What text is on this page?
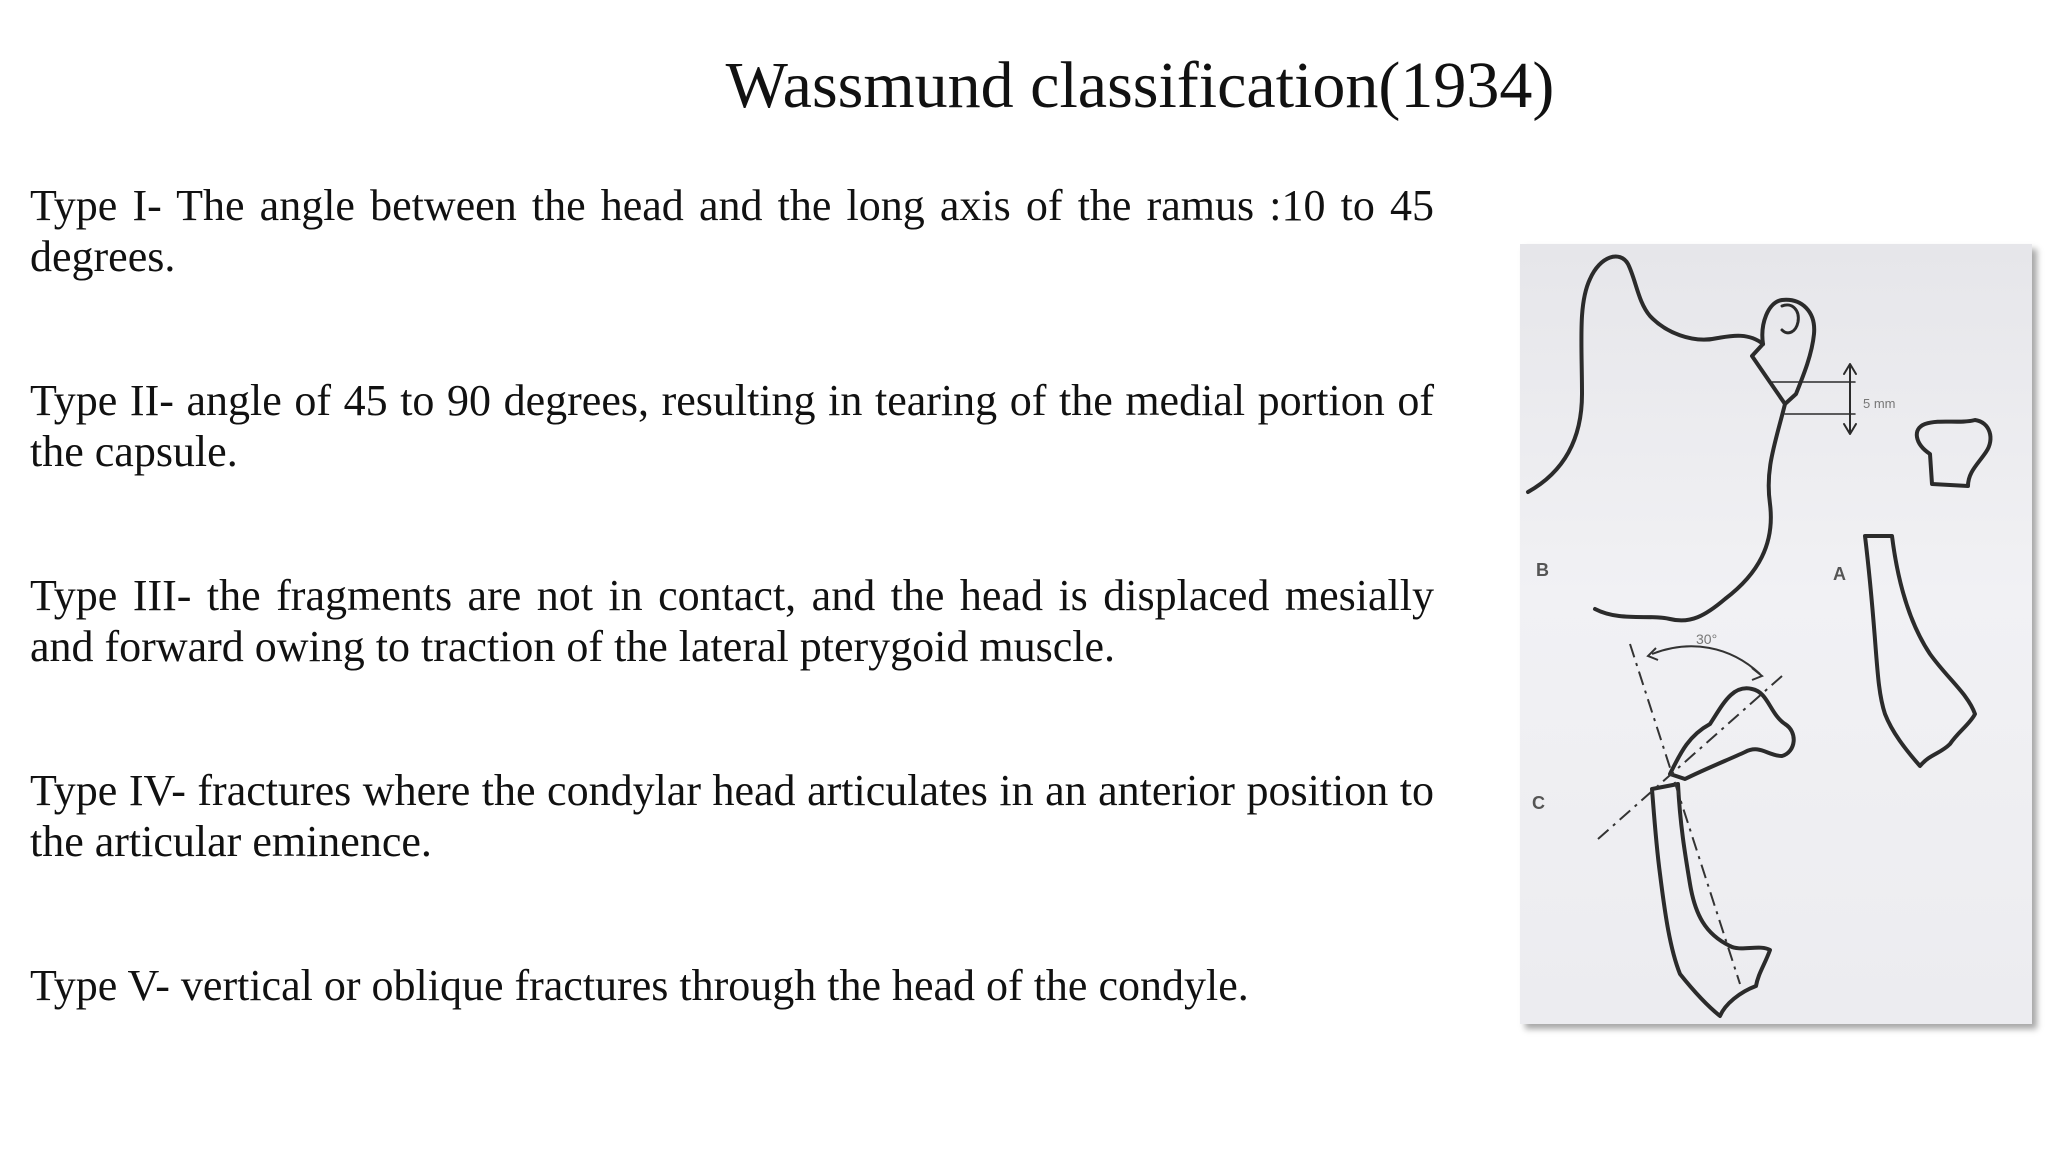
Wassmund classification(1934)

Type I- The angle between the head and the long axis of the ramus :10 to 45 degrees.

Type II- angle of 45 to 90 degrees, resulting in tearing of the medial portion of the capsule.

Type III- the fragments are not in contact, and the head is displaced mesially and forward owing to traction of the lateral pterygoid muscle.

Type IV- fractures where the condylar head articulates in an anterior position to the articular eminence.

Type V- vertical or oblique fractures through the head of the condyle.

B	A
C
5 mm
30°
